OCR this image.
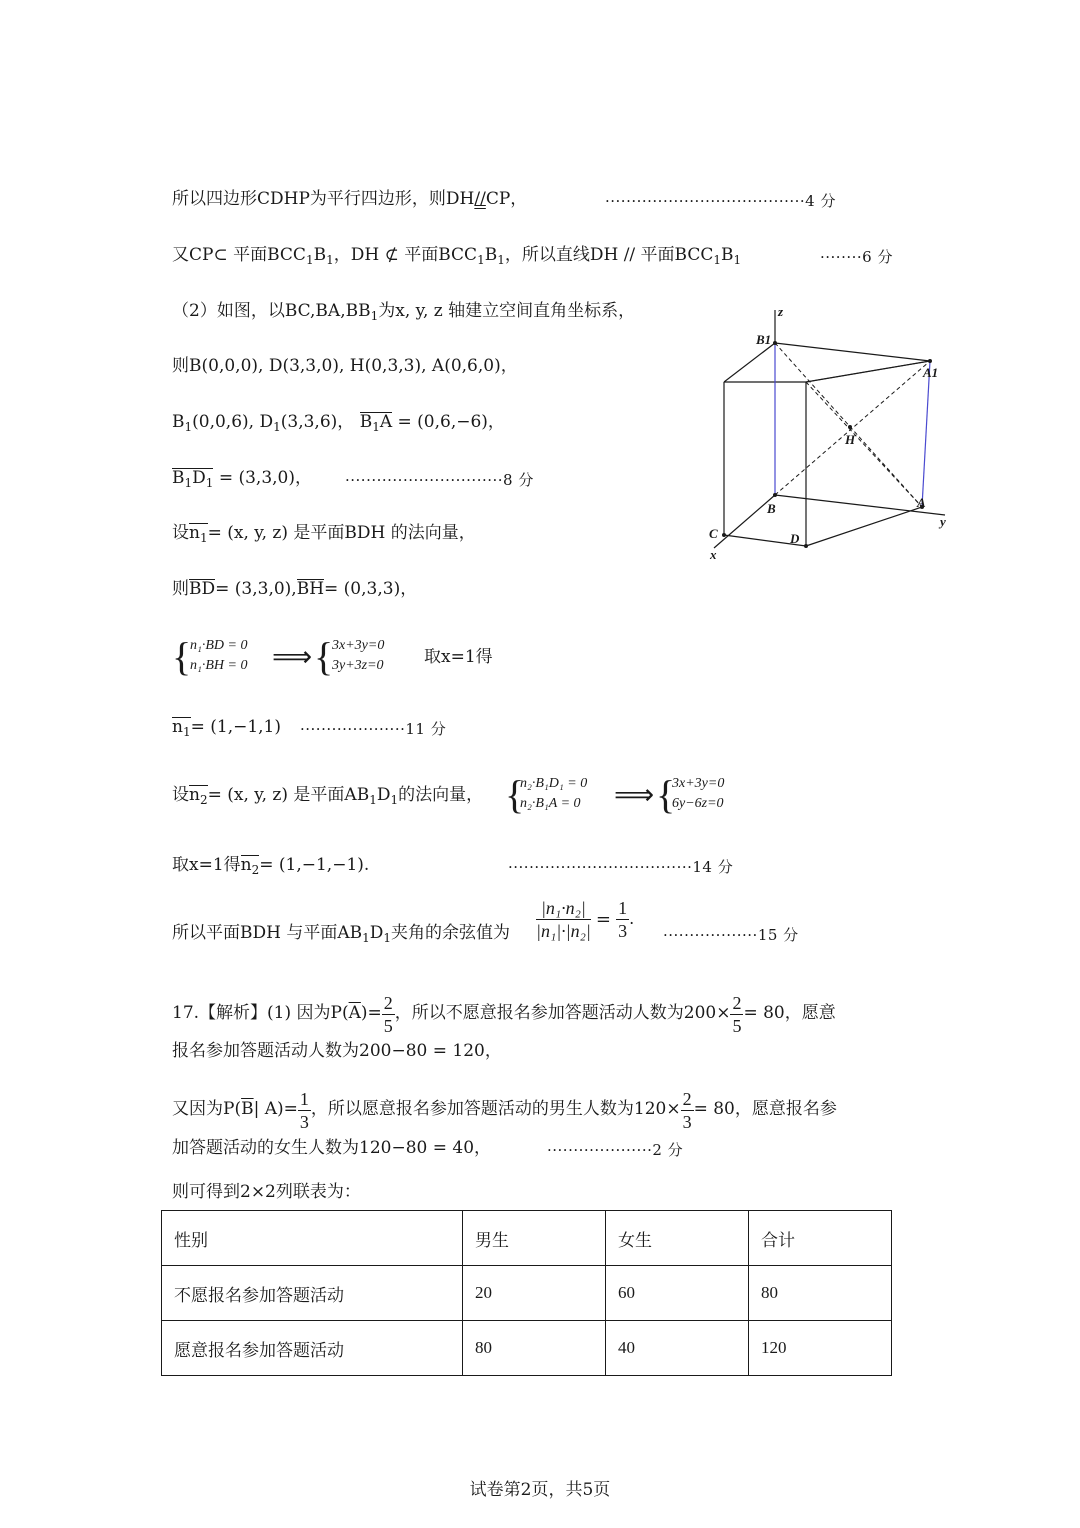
所以四边形CDHP为平行四边形，则DH//CP，	······································4 分
又CP⊂ 平面$BCC_1B_1$，DH ⊄ 平面$BCC_1B_1$，所以直线DH // 平面$BCC_1B_1$	········6 分
（2）如图，以$BC,BA,BB_1$为x, y, z 轴建立空间直角坐标系，
则B(0,0,0), D(3,3,0), H(0,3,3), A(0,6,0)，
$B_1(0,0,6)$, $D_1(3,3,6)$， $B_1A = (0,6,-6)$，
$B_1D_1 = (3,3,0)$， ······························8 分
设$n_1= (x$, y, z) 是平面BDH 的法向量，
则BD= (3,3,0),BH= (0,3,3)，
{
n₁·BD = 0
n₁·BH = 0 ⟹ {
3x+3y=0
3y+3z=0 取x=1得
$n_1= (1,-1,1) \cdot\cdot\cdot\cdot\cdot\cdot\cdot\cdot\cdot\cdot\cdot\cdot\cdot\cdot\cdot\cdot\cdot\cdot\cdot\cdot 11$ 分
设$n_2= (x$, y, z) 是平面$AB_1D_1$的法向量， {
n₂·B₁D₁ = 0
n₂·B₁A = 0 ⟹ {
3x+3y=0
6y−6z=0
取x=1得$n_2= (1,-1,-1)$.	···································14 分
所以平面BDH 与平面$AB_1D_1$夹角的余弦值为 $\frac{\text{|n₁·n₂|}}{\text{|n₁|·|n₂|}} = \frac{1}{3}$ .
··················15 分
17.【解析】(1) 因为$P(\overline{A})= \frac{2}{5}$ ，所以不愿意报名参加答题活动人数为$200\times \frac{2}{5} = 80$，愿意
报名参加答题活动人数为200−80 = 120，
又因为$P(\overline{B}|$ $A)= \frac{1}{3}$ ，所以愿意报名参加答题活动的男生人数为$120\times \frac{2}{3} = 80$，愿意报名参
加答题活动的女生人数为120−80 = 40，	····················2 分
则可得到2×2列联表为：
z
B1
A1
H
B	A
y
C	D
x
性别	男生	女生	合计
不愿报名参加答题活动	20	60	80
愿意报名参加答题活动	80	40	120
试卷第2页，共5页
